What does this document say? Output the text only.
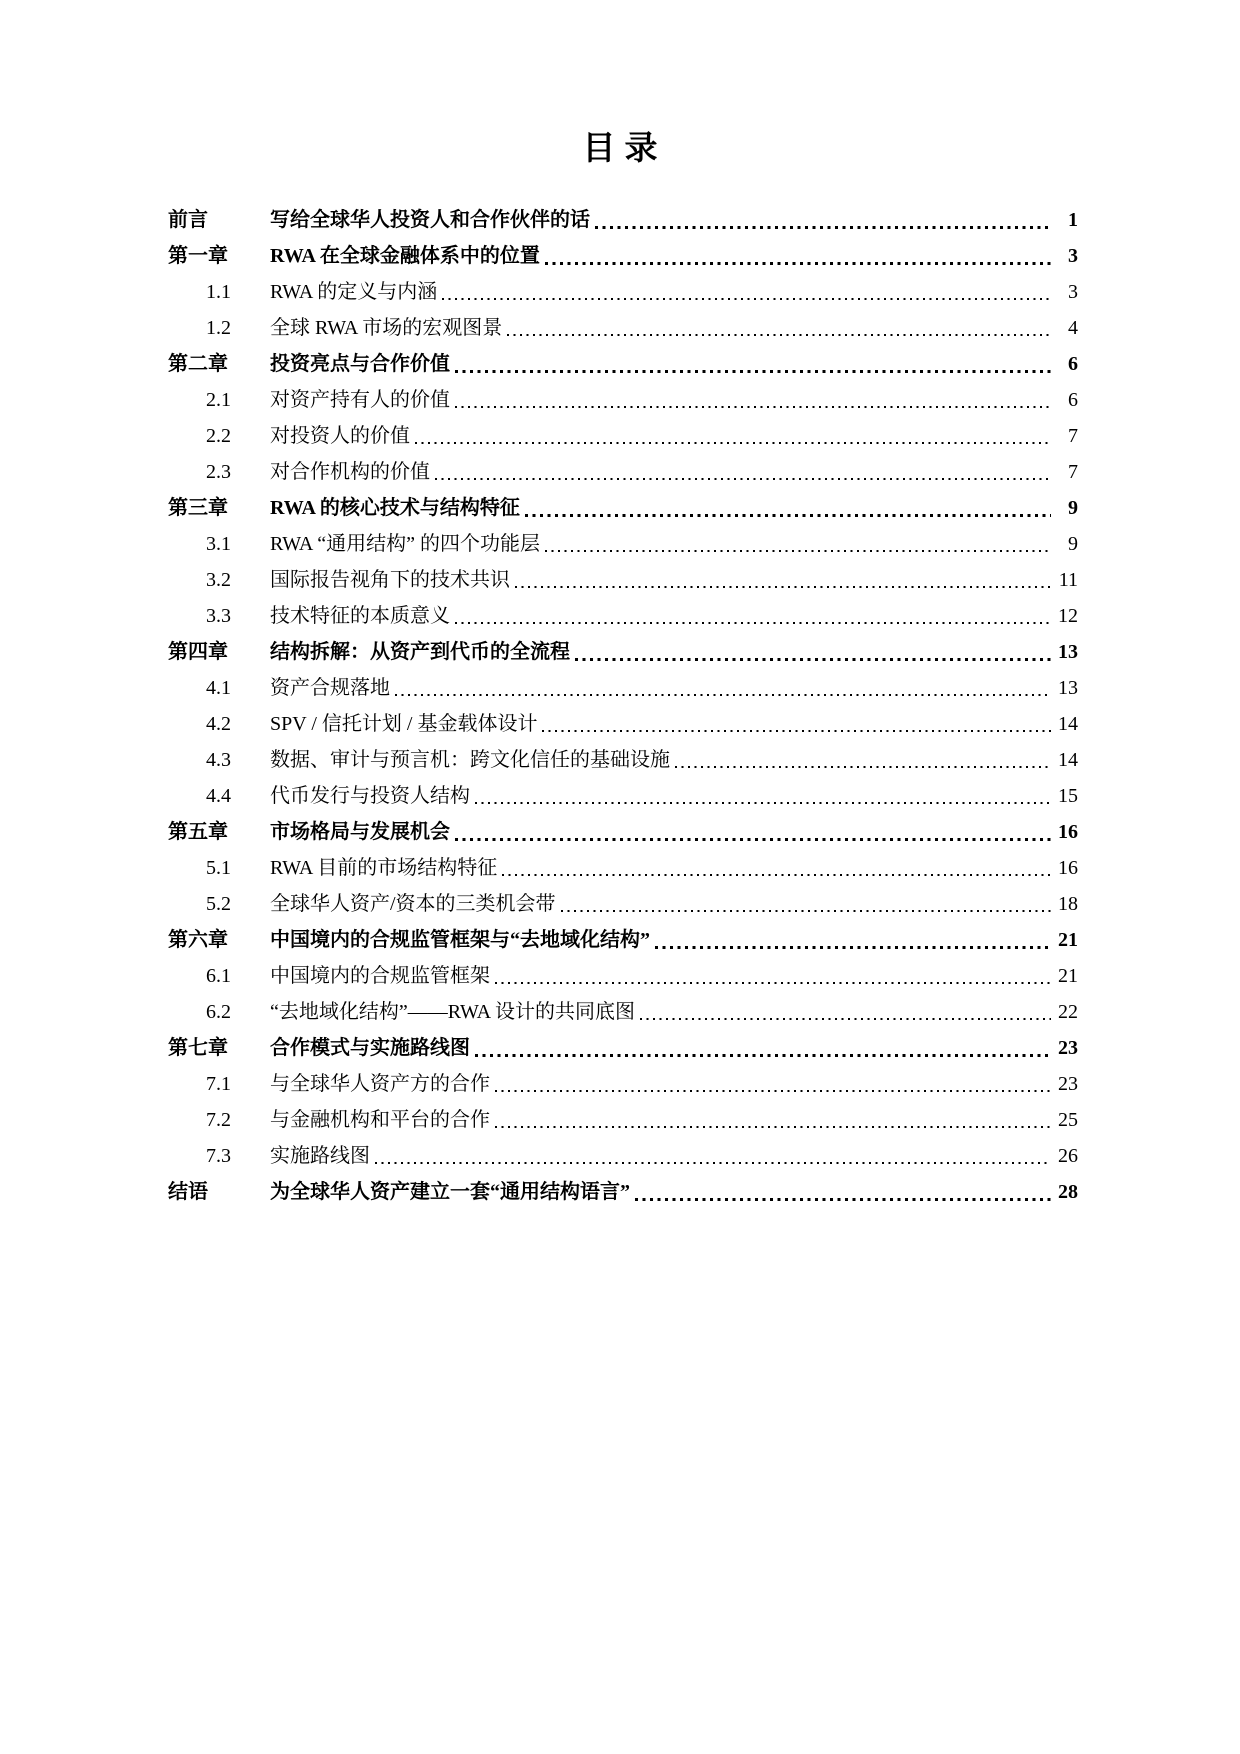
目录
前言	写给全球华人投资人和合作伙伴的话	1
第一章	RWA 在全球金融体系中的位置	3
1.1	RWA 的定义与内涵	3
1.2	全球 RWA 市场的宏观图景	4
第二章	投资亮点与合作价值	6
2.1	对资产持有人的价值	6
2.2	对投资人的价值	7
2.3	对合作机构的价值	7
第三章	RWA 的核心技术与结构特征	9
3.1	RWA “通用结构” 的四个功能层	9
3.2	国际报告视角下的技术共识	11
3.3	技术特征的本质意义	12
第四章	结构拆解：从资产到代币的全流程	13
4.1	资产合规落地	13
4.2	SPV / 信托计划 / 基金载体设计	14
4.3	数据、审计与预言机：跨文化信任的基础设施	14
4.4	代币发行与投资人结构	15
第五章	市场格局与发展机会	16
5.1	RWA 目前的市场结构特征	16
5.2	全球华人资产/资本的三类机会带	18
第六章	中国境内的合规监管框架与“去地域化结构”	21
6.1	中国境内的合规监管框架	21
6.2	“去地域化结构”——RWA 设计的共同底图	22
第七章	合作模式与实施路线图	23
7.1	与全球华人资产方的合作	23
7.2	与金融机构和平台的合作	25
7.3	实施路线图	26
结语	为全球华人资产建立一套“通用结构语言”	28
